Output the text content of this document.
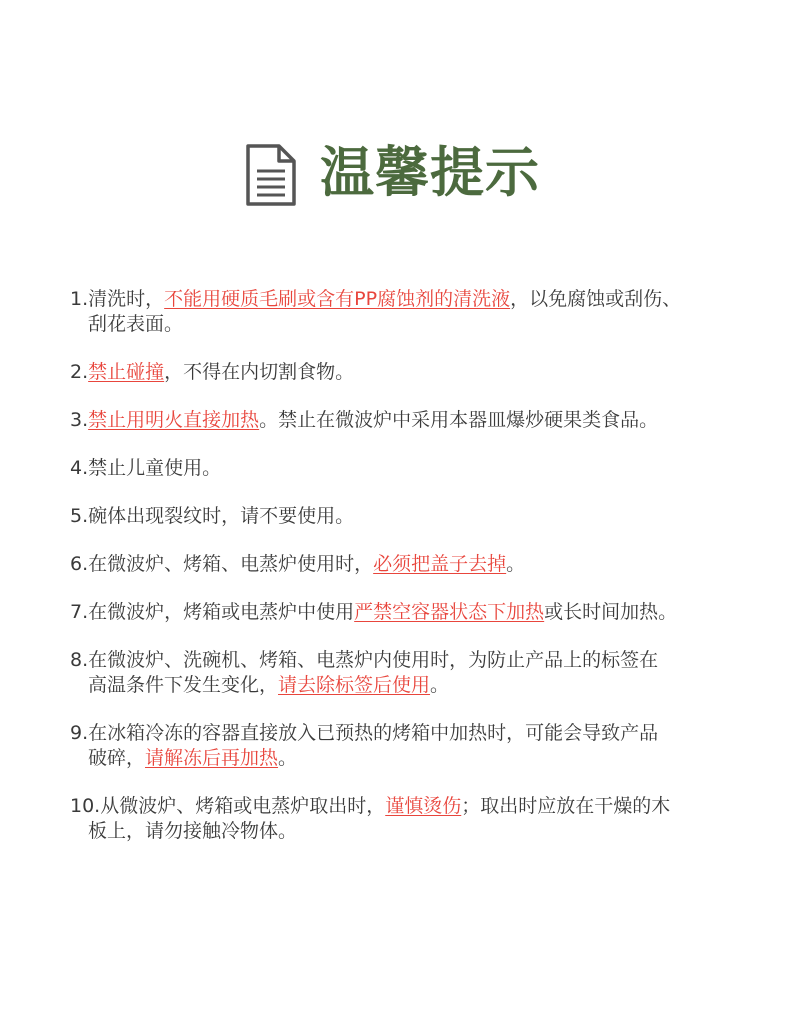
温馨提示
1.清洗时，不能用硬质毛刷或含有PP腐蚀剂的清洗液，以免腐蚀或刮伤、
刮花表面。
2.禁止碰撞，不得在内切割食物。
3.禁止用明火直接加热。禁止在微波炉中采用本器皿爆炒硬果类食品。
4.禁止儿童使用。
5.碗体出现裂纹时，请不要使用。
6.在微波炉、烤箱、电蒸炉使用时，必须把盖子去掉。
7.在微波炉，烤箱或电蒸炉中使用严禁空容器状态下加热或长时间加热。
8.在微波炉、洗碗机、烤箱、电蒸炉内使用时，为防止产品上的标签在
高温条件下发生变化，请去除标签后使用。
9.在冰箱冷冻的容器直接放入已预热的烤箱中加热时，可能会导致产品
破碎，请解冻后再加热。
10.从微波炉、烤箱或电蒸炉取出时，谨慎烫伤；取出时应放在干燥的木
板上，请勿接触冷物体。
